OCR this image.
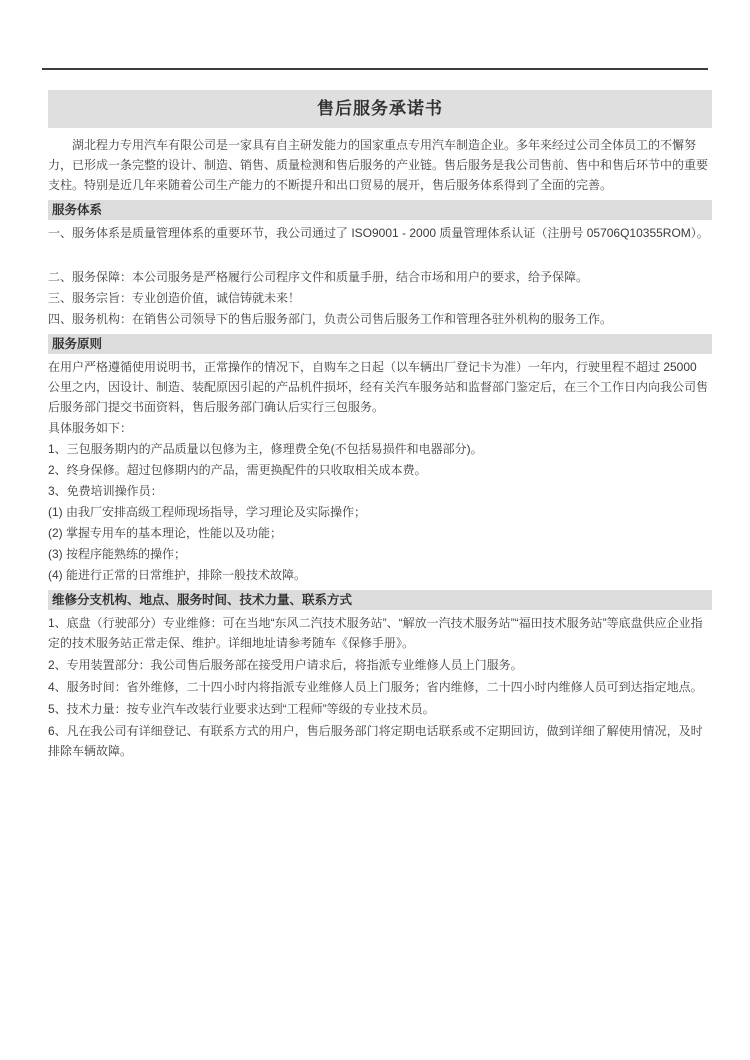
售后服务承诺书

湖北程力专用汽车有限公司是一家具有自主研发能力的国家重点专用汽车制造企业。多年来经过公司全体员工的不懈努力，已形成一条完整的设计、制造、销售、质量检测和售后服务的产业链。售后服务是我公司售前、售中和售后环节中的重要支柱。特别是近几年来随着公司生产能力的不断提升和出口贸易的展开，售后服务体系得到了全面的完善。

服务体系

一、服务体系是质量管理体系的重要环节，我公司通过了 ISO9001 - 2000 质量管理体系认证（注册号 05706Q10355ROM）。

二、服务保障：本公司服务是严格履行公司程序文件和质量手册，结合市场和用户的要求，给予保障。

三、服务宗旨：专业创造价值，诚信铸就未来！

四、服务机构：在销售公司领导下的售后服务部门，负责公司售后服务工作和管理各驻外机构的服务工作。

服务原则

在用户严格遵循使用说明书，正常操作的情况下，自购车之日起（以车辆出厂登记卡为准）一年内，行驶里程不超过 25000 公里之内，因设计、制造、装配原因引起的产品机件损坏，经有关汽车服务站和监督部门鉴定后，在三个工作日内向我公司售后服务部门提交书面资料，售后服务部门确认后实行三包服务。

具体服务如下：

1、三包服务期内的产品质量以包修为主，修理费全免(不包括易损件和电器部分)。

2、终身保修。超过包修期内的产品，需更换配件的只收取相关成本费。

3、免费培训操作员：

(1) 由我厂安排高级工程师现场指导，学习理论及实际操作；

(2) 掌握专用车的基本理论，性能以及功能；

(3) 按程序能熟练的操作；

(4) 能进行正常的日常维护，排除一般技术故障。

维修分支机构、地点、服务时间、技术力量、联系方式

1、底盘（行驶部分）专业维修：可在当地“东风二汽技术服务站”、“解放一汽技术服务站”“福田技术服务站”等底盘供应企业指定的技术服务站正常走保、维护。详细地址请参考随车《保修手册》。

2、专用装置部分：我公司售后服务部在接受用户请求后，将指派专业维修人员上门服务。

4、服务时间：省外维修，二十四小时内将指派专业维修人员上门服务；省内维修，二十四小时内维修人员可到达指定地点。

5、技术力量：按专业汽车改装行业要求达到“工程师”等级的专业技术员。

6、凡在我公司有详细登记、有联系方式的用户，售后服务部门将定期电话联系或不定期回访，做到详细了解使用情况，及时排除车辆故障。
